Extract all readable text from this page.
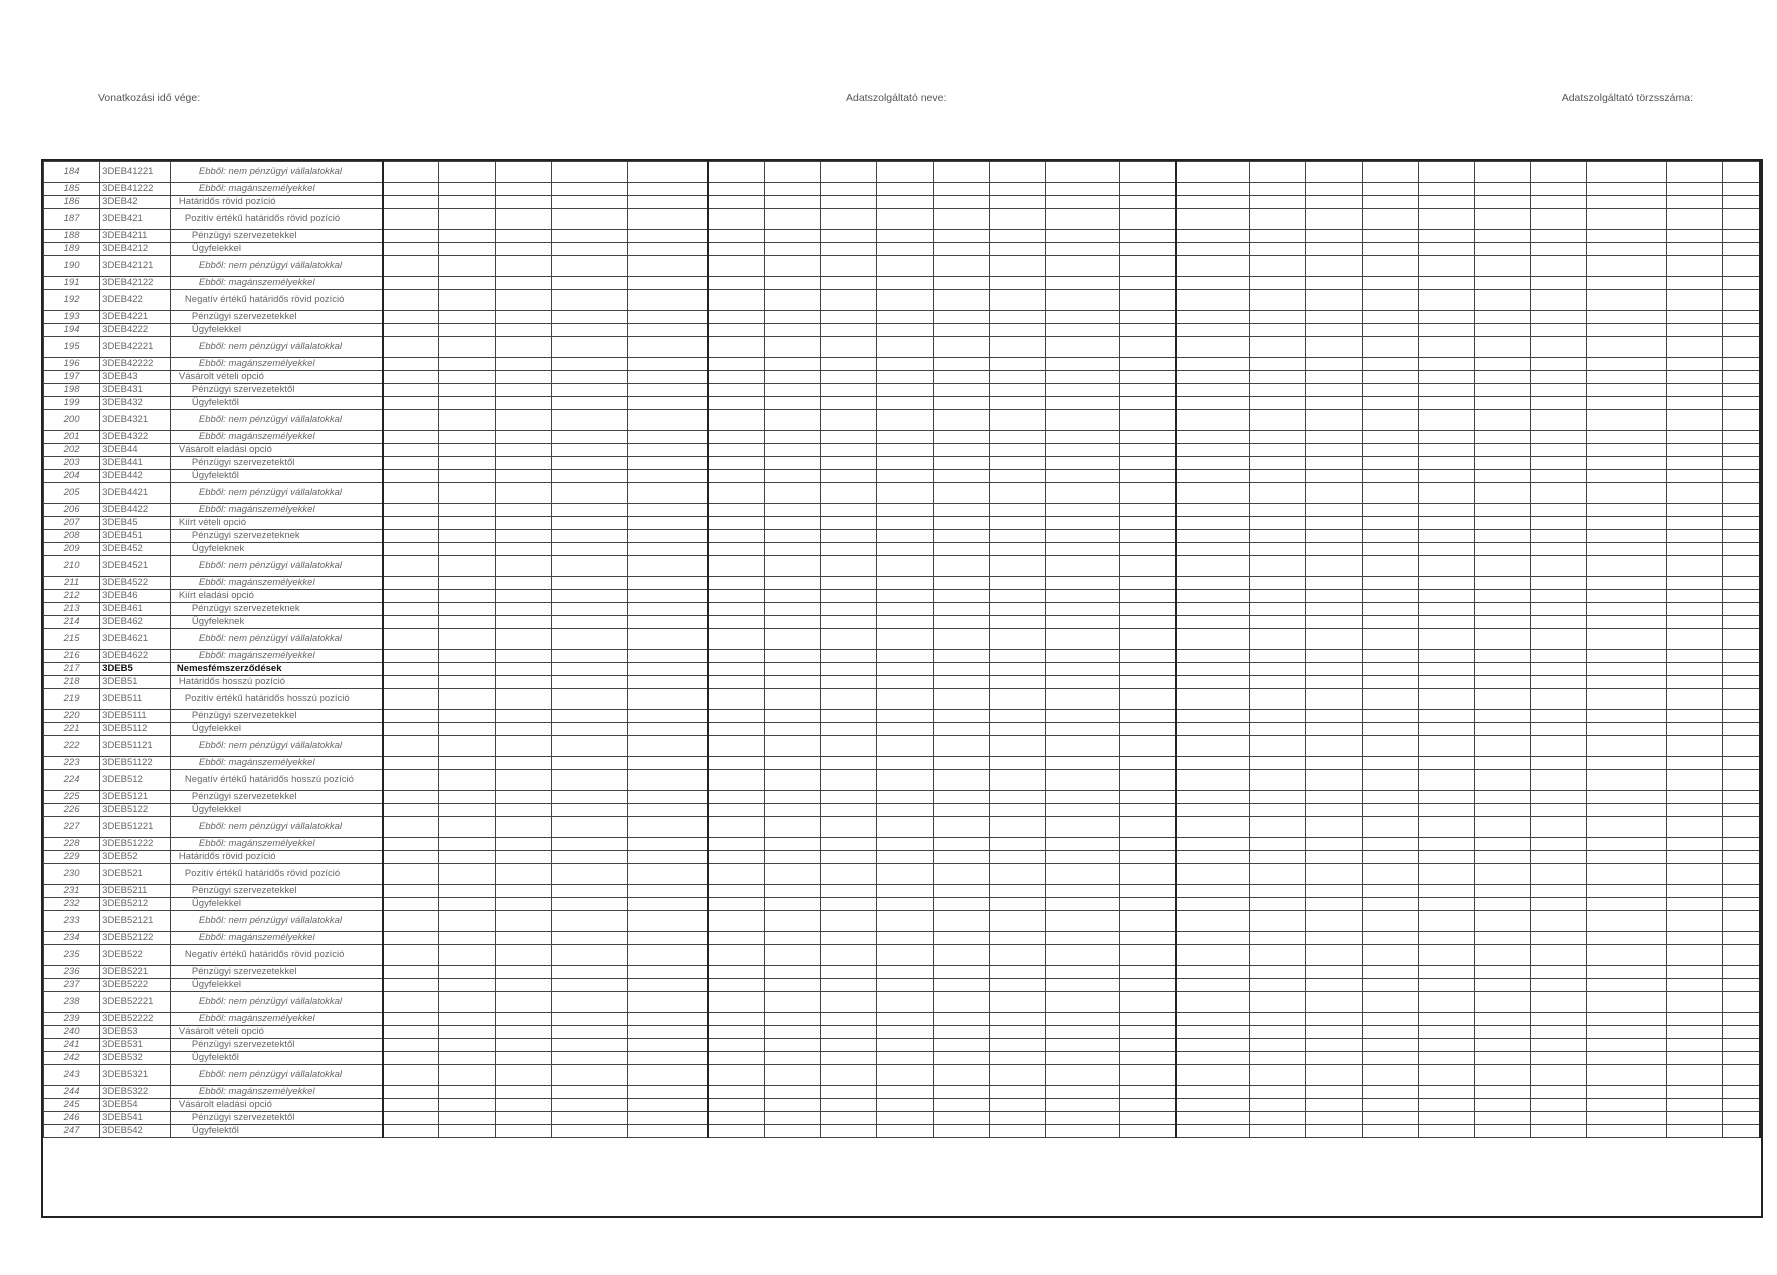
Vonatkozási idő vége:	Adatszolgáltató neve:	Adatszolgáltató törzsszáma:
184	3DEB41221	Ebből: nem pénzügyi vállalatokkal																							
185	3DEB41222	Ebből: magánszemélyekkel																							
186	3DEB42	Határidős rövid pozíció																							
187	3DEB421	Pozitív értékű határidős rövid pozíció																							
188	3DEB4211	Pénzügyi szervezetekkel																							
189	3DEB4212	Ügyfelekkel																							
190	3DEB42121	Ebből: nem pénzügyi vállalatokkal																							
191	3DEB42122	Ebből: magánszemélyekkel																							
192	3DEB422	Negatív értékű határidős rövid pozíció																							
193	3DEB4221	Pénzügyi szervezetekkel																							
194	3DEB4222	Ügyfelekkel																							
195	3DEB42221	Ebből: nem pénzügyi vállalatokkal																							
196	3DEB42222	Ebből: magánszemélyekkel																							
197	3DEB43	Vásárolt vételi opció																							
198	3DEB431	Pénzügyi szervezetektől																							
199	3DEB432	Ügyfelektől																							
200	3DEB4321	Ebből: nem pénzügyi vállalatokkal																							
201	3DEB4322	Ebből: magánszemélyekkel																							
202	3DEB44	Vásárolt eladási opció																							
203	3DEB441	Pénzügyi szervezetektől																							
204	3DEB442	Ügyfelektől																							
205	3DEB4421	Ebből: nem pénzügyi vállalatokkal																							
206	3DEB4422	Ebből: magánszemélyekkel																							
207	3DEB45	Kiírt vételi opció																							
208	3DEB451	Pénzügyi szervezeteknek																							
209	3DEB452	Ügyfeleknek																							
210	3DEB4521	Ebből: nem pénzügyi vállalatokkal																							
211	3DEB4522	Ebből: magánszemélyekkel																							
212	3DEB46	Kiírt eladási opció																							
213	3DEB461	Pénzügyi szervezeteknek																							
214	3DEB462	Ügyfeleknek																							
215	3DEB4621	Ebből: nem pénzügyi vállalatokkal																							
216	3DEB4622	Ebből: magánszemélyekkel																							
217	3DEB5	Nemesfémszerződések																							
218	3DEB51	Határidős hosszú pozíció																							
219	3DEB511	Pozitív értékű határidős hosszú pozíció																							
220	3DEB5111	Pénzügyi szervezetekkel																							
221	3DEB5112	Ügyfelekkel																							
222	3DEB51121	Ebből: nem pénzügyi vállalatokkal																							
223	3DEB51122	Ebből: magánszemélyekkel																							
224	3DEB512	Negatív értékű határidős hosszú pozíció																							
225	3DEB5121	Pénzügyi szervezetekkel																							
226	3DEB5122	Ügyfelekkel																							
227	3DEB51221	Ebből: nem pénzügyi vállalatokkal																							
228	3DEB51222	Ebből: magánszemélyekkel																							
229	3DEB52	Határidős rövid pozíció																							
230	3DEB521	Pozitív értékű határidős rövid pozíció																							
231	3DEB5211	Pénzügyi szervezetekkel																							
232	3DEB5212	Ügyfelekkel																							
233	3DEB52121	Ebből: nem pénzügyi vállalatokkal																							
234	3DEB52122	Ebből: magánszemélyekkel																							
235	3DEB522	Negatív értékű határidős rövid pozíció																							
236	3DEB5221	Pénzügyi szervezetekkel																							
237	3DEB5222	Ügyfelekkel																							
238	3DEB52221	Ebből: nem pénzügyi vállalatokkal																							
239	3DEB52222	Ebből: magánszemélyekkel																							
240	3DEB53	Vásárolt vételi opció																							
241	3DEB531	Pénzügyi szervezetektől																							
242	3DEB532	Ügyfelektől																							
243	3DEB5321	Ebből: nem pénzügyi vállalatokkal																							
244	3DEB5322	Ebből: magánszemélyekkel																							
245	3DEB54	Vásárolt eladási opció																							
246	3DEB541	Pénzügyi szervezetektől																							
247	3DEB542	Ügyfelektől																							
